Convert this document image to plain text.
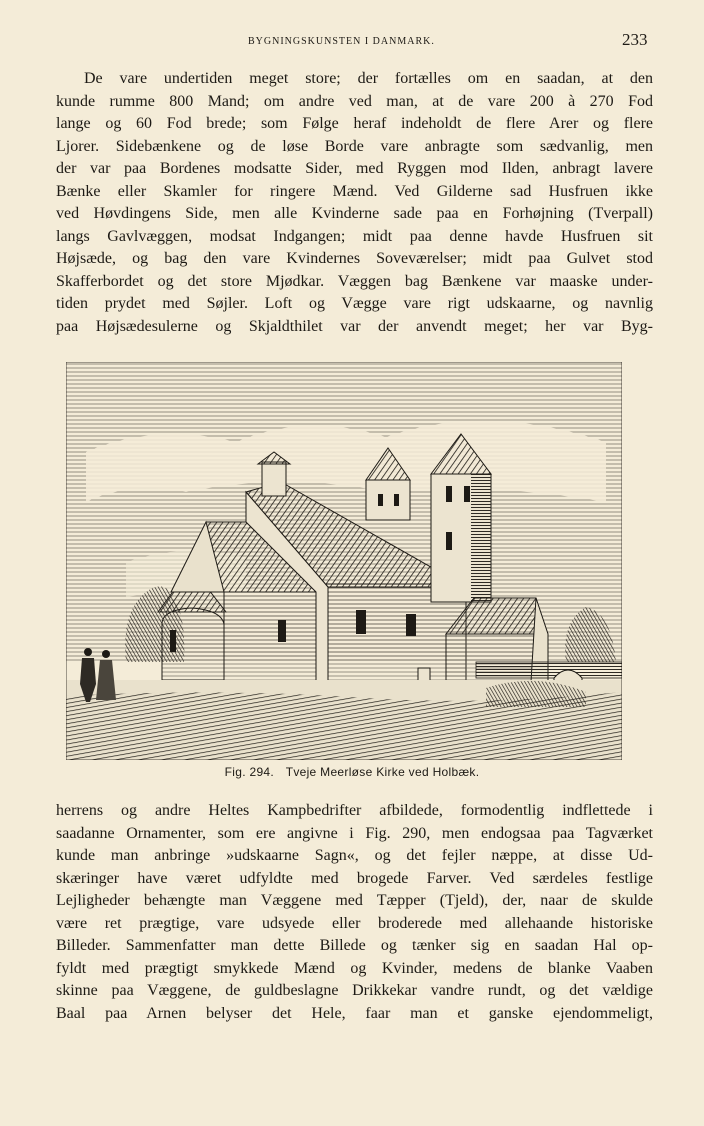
BYGNINGSKUNSTEN I DANMARK.	233
De vare undertiden meget store; der fortælles om en saadan, at den
kunde rumme 800 Mand; om andre ved man, at de vare 200 à 270 Fod
lange og 60 Fod brede; som Følge heraf indeholdt de flere Arer og flere
Ljorer. Sidebænkene og de løse Borde vare anbragte som sædvanlig, men
der var paa Bordenes modsatte Sider, med Ryggen mod Ilden, anbragt lavere
Bænke eller Skamler for ringere Mænd. Ved Gilderne sad Husfruen ikke
ved Høvdingens Side, men alle Kvinderne sade paa en Forhøjning (Tverpall)
langs Gavlvæggen, modsat Indgangen; midt paa denne havde Husfruen sit
Højsæde, og bag den vare Kvindernes Soveværelser; midt paa Gulvet stod
Skafferbordet og det store Mjødkar. Væggen bag Bænkene var maaske under-
tiden prydet med Søjler. Loft og Vægge vare rigt udskaarne, og navnlig
paa Højsædesulerne og Skjaldthilet var der anvendt meget; her var Byg-
Fig. 294. Tveje Meerløse Kirke ved Holbæk.
herrens og andre Heltes Kampbedrifter afbildede, formodentlig indflettede i
saadanne Ornamenter, som ere angivne i Fig. 290, men endogsaa paa Tagværket
kunde man anbringe »udskaarne Sagn«, og det fejler næppe, at disse Ud-
skæringer have været udfyldte med brogede Farver. Ved særdeles festlige
Lejligheder behængte man Væggene med Tæpper (Tjeld), der, naar de skulde
være ret prægtige, vare udsyede eller broderede med allehaande historiske
Billeder. Sammenfatter man dette Billede og tænker sig en saadan Hal op-
fyldt med prægtigt smykkede Mænd og Kvinder, medens de blanke Vaaben
skinne paa Væggene, de guldbeslagne Drikkekar vandre rundt, og det vældige
Baal paa Arnen belyser det Hele, faar man et ganske ejendommeligt,
